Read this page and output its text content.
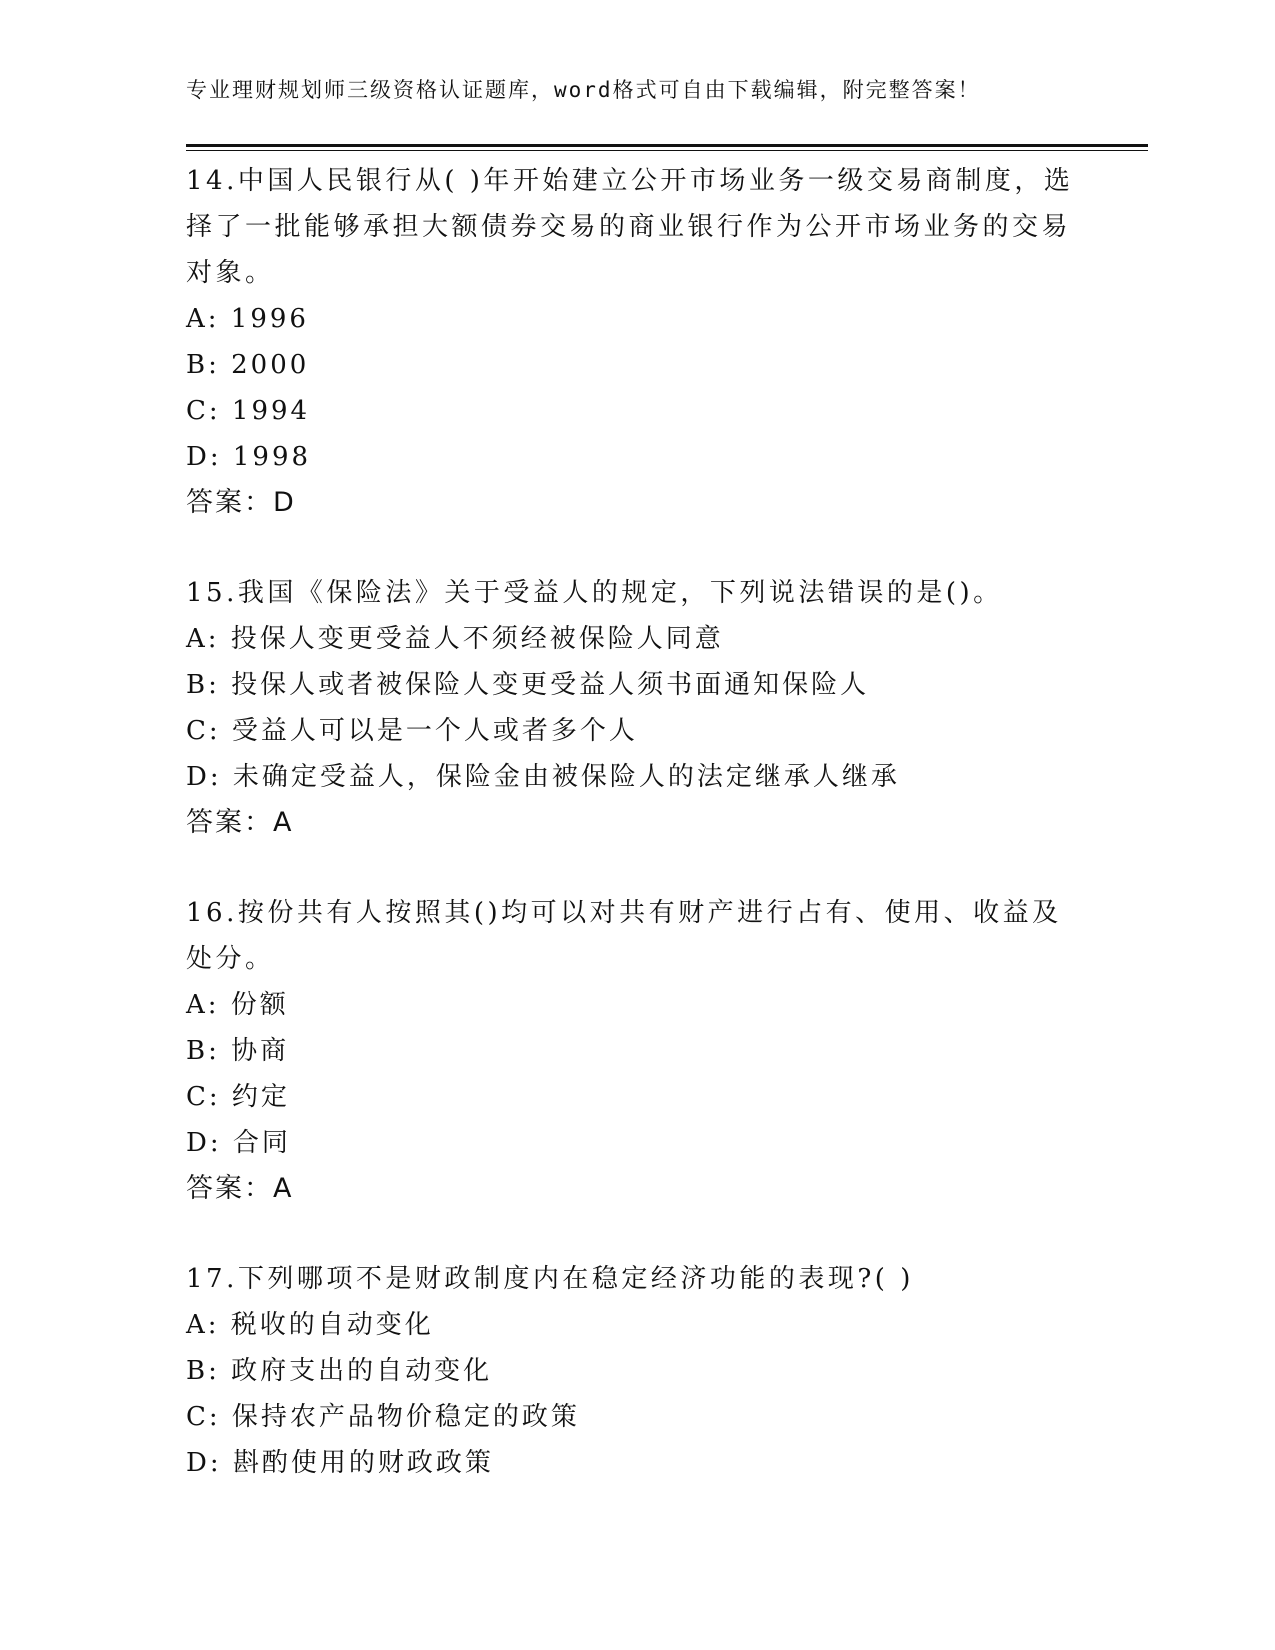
专业理财规划师三级资格认证题库，word格式可自由下载编辑，附完整答案！
14.中国人民银行从( )年开始建立公开市场业务一级交易商制度，选择了一批能够承担大额债券交易的商业银行作为公开市场业务的交易对象。
A: 1996
B: 2000
C: 1994
D: 1998
答案：D
15.我国《保险法》关于受益人的规定，下列说法错误的是()。
A: 投保人变更受益人不须经被保险人同意
B: 投保人或者被保险人变更受益人须书面通知保险人
C: 受益人可以是一个人或者多个人
D: 未确定受益人，保险金由被保险人的法定继承人继承
答案：A
16.按份共有人按照其()均可以对共有财产进行占有、使用、收益及处分。
A: 份额
B: 协商
C: 约定
D: 合同
答案：A
17.下列哪项不是财政制度内在稳定经济功能的表现?( )
A: 税收的自动变化
B: 政府支出的自动变化
C: 保持农产品物价稳定的政策
D: 斟酌使用的财政政策
